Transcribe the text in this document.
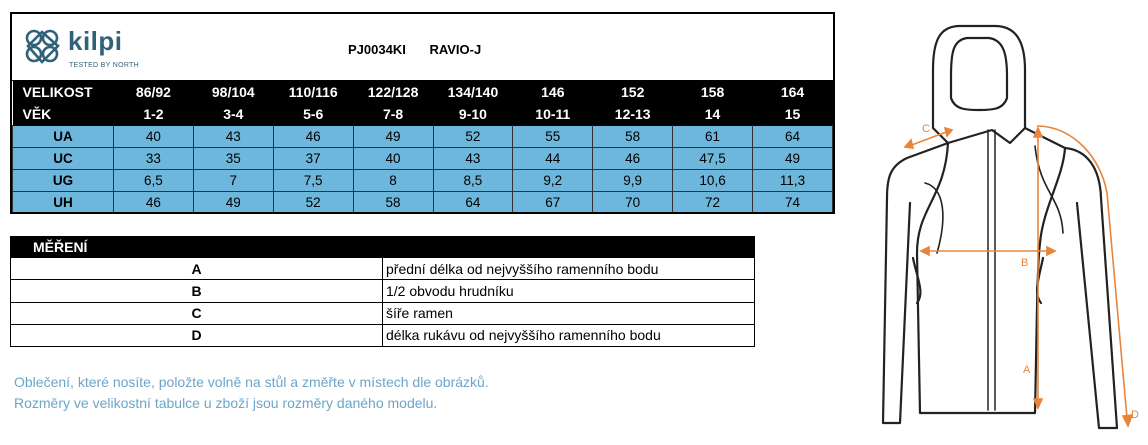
kilpi
TESTED BY NORTH
PJ0034KI RAVIO-J
VELIKOST	86/92	98/104	110/116	122/128	134/140	146	152	158	164
VĚK	1-2	3-4	5-6	7-8	9-10	10-11	12-13	14	15
UA	40	43	46	49	52	55	58	61	64
UC	33	35	37	40	43	44	46	47,5	49
UG	6,5	7	7,5	8	8,5	9,2	9,9	10,6	11,3
UH	46	49	52	58	64	67	70	72	74
MĚŘENÍ	
A	přední délka od nejvyššího ramenního bodu
B	1/2 obvodu hrudníku
C	šíře ramen
D	délka rukávu od nejvyššího ramenního bodu
Oblečení, které nosíte, položte volně na stůl a změřte v místech dle obrázků.
Rozměry ve velikostní tabulce u zboží jsou rozměry daného modelu.
C
B
A
D
